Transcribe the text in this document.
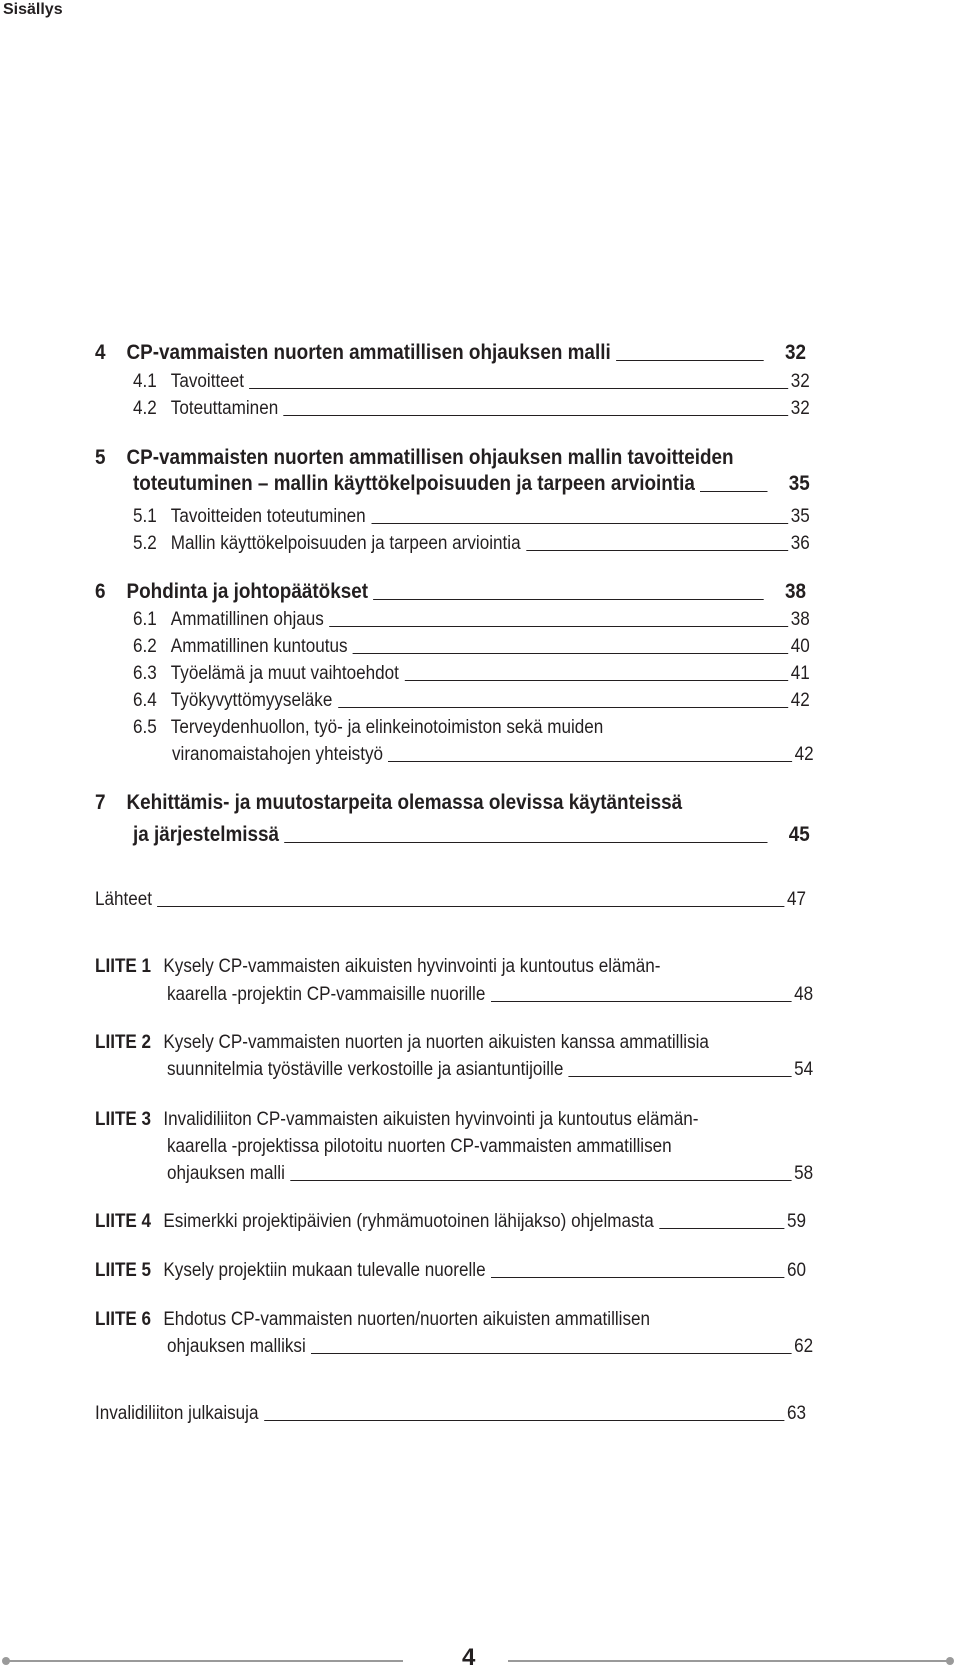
Sisällys
4 CP-vammaisten nuorten ammatillisen ohjauksen malli	32
4.1 Tavoitteet	32
4.2 Toteuttaminen	32
5 CP-vammaisten nuorten ammatillisen ohjauksen mallin tavoitteiden
toteutuminen – mallin käyttökelpoisuuden ja tarpeen arviointia	35
5.1 Tavoitteiden toteutuminen	35
5.2 Mallin käyttökelpoisuuden ja tarpeen arviointia	36
6 Pohdinta ja johtopäätökset	38
6.1 Ammatillinen ohjaus	38
6.2 Ammatillinen kuntoutus	40
6.3 Työelämä ja muut vaihtoehdot	41
6.4 Työkyvyttömyyseläke	42
6.5 Terveydenhuollon, työ- ja elinkeinotoimiston sekä muiden
viranomaistahojen yhteistyö	42
7 Kehittämis- ja muutostarpeita olemassa olevissa käytänteissä
ja järjestelmissä	45
Lähteet	47
LIITE 1 Kysely CP-vammaisten aikuisten hyvinvointi ja kuntoutus elämän-
kaarella -projektin CP-vammaisille nuorille	48
LIITE 2 Kysely CP-vammaisten nuorten ja nuorten aikuisten kanssa ammatillisia
suunnitelmia työstäville verkostoille ja asiantuntijoille	54
LIITE 3 Invalidiliiton CP-vammaisten aikuisten hyvinvointi ja kuntoutus elämän-
kaarella -projektissa pilotoitu nuorten CP-vammaisten ammatillisen
ohjauksen malli	58
LIITE 4 Esimerkki projektipäivien (ryhmämuotoinen lähijakso) ohjelmasta	59
LIITE 5 Kysely projektiin mukaan tulevalle nuorelle	60
LIITE 6 Ehdotus CP-vammaisten nuorten/nuorten aikuisten ammatillisen
ohjauksen malliksi	62
Invalidiliiton julkaisuja	63
4
